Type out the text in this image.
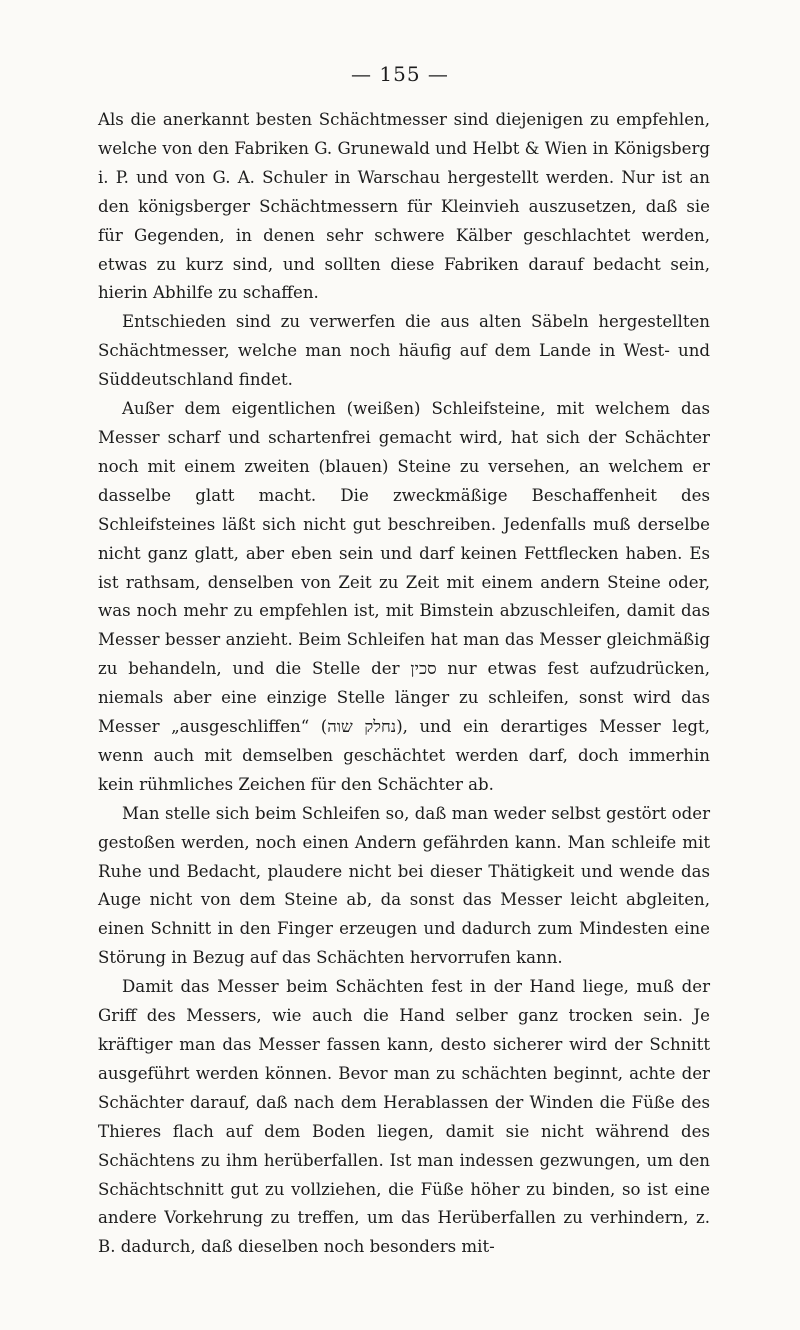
— 155 —

Als die anerkannt besten Schächtmesser sind diejenigen zu empfehlen, welche von den Fabriken G. Grunewald und Helbt & Wien in Königsberg i. P. und von G. A. Schuler in Warschau hergestellt werden. Nur ist an den königsberger Schächtmessern für Kleinvieh auszusetzen, daß sie für Gegenden, in denen sehr schwere Kälber geschlachtet werden, etwas zu kurz sind, und sollten diese Fabriken darauf bedacht sein, hierin Abhilfe zu schaffen.

Entschieden sind zu verwerfen die aus alten Säbeln hergestellten Schächtmesser, welche man noch häufig auf dem Lande in West- und Süddeutschland findet.

Außer dem eigentlichen (weißen) Schleifsteine, mit welchem das Messer scharf und schartenfrei gemacht wird, hat sich der Schächter noch mit einem zweiten (blauen) Steine zu versehen, an welchem er dasselbe glatt macht. Die zweckmäßige Beschaffenheit des Schleifsteines läßt sich nicht gut beschreiben. Jedenfalls muß derselbe nicht ganz glatt, aber eben sein und darf keinen Fettflecken haben. Es ist rathsam, denselben von Zeit zu Zeit mit einem andern Steine oder, was noch mehr zu empfehlen ist, mit Bimstein abzuschleifen, damit das Messer besser anzieht. Beim Schleifen hat man das Messer gleichmäßig zu behandeln, und die Stelle der סכין nur etwas fest aufzudrücken, niemals aber eine einzige Stelle länger zu schleifen, sonst wird das Messer „ausgeschliffen“ (נחלק שוה), und ein derartiges Messer legt, wenn auch mit demselben geschächtet werden darf, doch immerhin kein rühmliches Zeichen für den Schächter ab.

Man stelle sich beim Schleifen so, daß man weder selbst gestört oder gestoßen werden, noch einen Andern gefährden kann. Man schleife mit Ruhe und Bedacht, plaudere nicht bei dieser Thätigkeit und wende das Auge nicht von dem Steine ab, da sonst das Messer leicht abgleiten, einen Schnitt in den Finger erzeugen und dadurch zum Mindesten eine Störung in Bezug auf das Schächten hervorrufen kann.

Damit das Messer beim Schächten fest in der Hand liege, muß der Griff des Messers, wie auch die Hand selber ganz trocken sein. Je kräftiger man das Messer fassen kann, desto sicherer wird der Schnitt ausgeführt werden können. Bevor man zu schächten beginnt, achte der Schächter darauf, daß nach dem Herablassen der Winden die Füße des Thieres flach auf dem Boden liegen, damit sie nicht während des Schächtens zu ihm herüberfallen. Ist man indessen gezwungen, um den Schächtschnitt gut zu vollziehen, die Füße höher zu binden, so ist eine andere Vorkehrung zu treffen, um das Herüberfallen zu verhindern, z. B. dadurch, daß dieselben noch besonders mit-
